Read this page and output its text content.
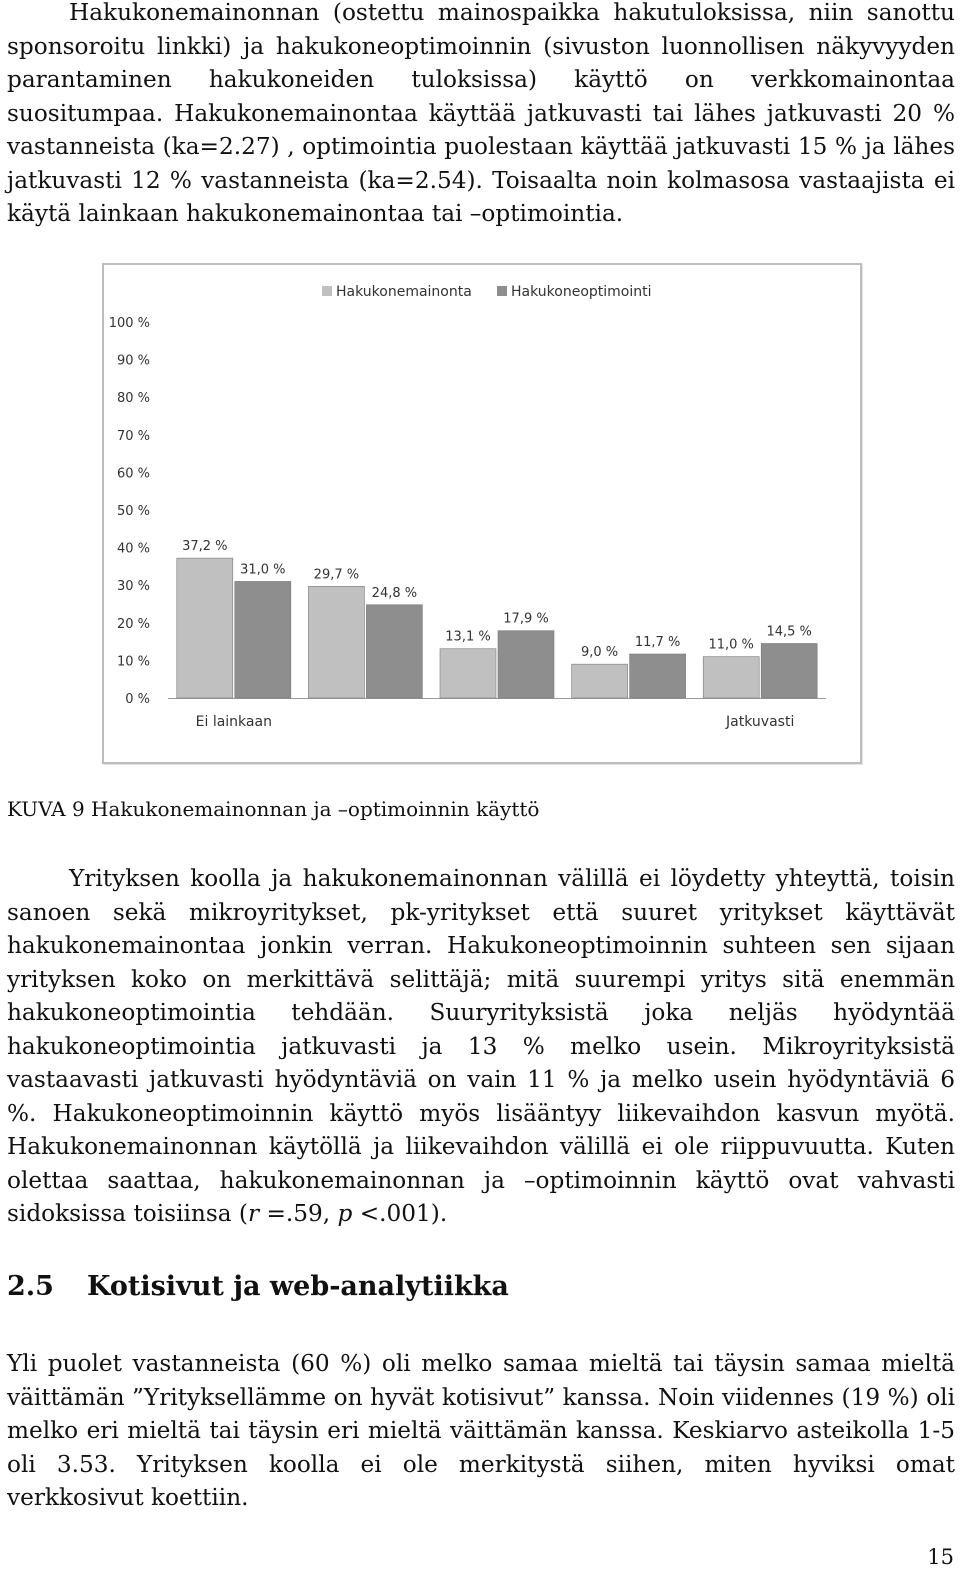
Hakukonemainonnan (ostettu mainospaikka hakutuloksissa, niin sanottu sponsoroitu linkki) ja hakukoneoptimoinnin (sivuston luonnollisen näkyvyyden parantaminen hakukoneiden tuloksissa) käyttö on verkkomainontaa suositumpaa. Hakukonemainontaa käyttää jatkuvasti tai lähes jatkuvasti 20 % vastanneista (ka=2.27) , optimointia puolestaan käyttää jatkuvasti 15 % ja lähes jatkuvasti 12 % vastanneista (ka=2.54). Toisaalta noin kolmasosa vastaajista ei käytä lainkaan hakukonemainontaa tai –optimointia.

0 %
10 %
20 %
30 %
40 %
50 %
60 %
70 %
80 %
90 %
100 %
37,2 %
29,7 %
13,1 %
9,0 %
11,0 %
31,0 %
24,8 %
17,9 %
11,7 %
14,5 %
Ei lainkaan	Jatkuvasti
Hakukonemainonta	Hakukoneoptimointi

KUVA 9 Hakukonemainonnan ja –optimoinnin käyttö

Yrityksen koolla ja hakukonemainonnan välillä ei löydetty yhteyttä, toisin sanoen sekä mikroyritykset, pk-yritykset että suuret yritykset käyttävät hakukonemainontaa jonkin verran. Hakukoneoptimoinnin suhteen sen sijaan yrityksen koko on merkittävä selittäjä; mitä suurempi yritys sitä enemmän hakukoneoptimointia tehdään. Suuryrityksistä joka neljäs hyödyntää hakukoneoptimointia jatkuvasti ja 13 % melko usein. Mikroyrityksistä vastaavasti jatkuvasti hyödyntäviä on vain 11 % ja melko usein hyödyntäviä 6 %. Hakukoneoptimoinnin käyttö myös lisääntyy liikevaihdon kasvun myötä. Hakukonemainonnan käytöllä ja liikevaihdon välillä ei ole riippuvuutta. Kuten olettaa saattaa, hakukonemainonnan ja –optimoinnin käyttö ovat vahvasti sidoksissa toisiinsa (r =.59, p <.001).

2.5 Kotisivut ja web-analytiikka

Yli puolet vastanneista (60 %) oli melko samaa mieltä tai täysin samaa mieltä väittämän ”Yrityksellämme on hyvät kotisivut” kanssa. Noin viidennes (19 %) oli melko eri mieltä tai täysin eri mieltä väittämän kanssa. Keskiarvo asteikolla 1-5 oli 3.53. Yrityksen koolla ei ole merkitystä siihen, miten hyviksi omat verkkosivut koettiin.

15
